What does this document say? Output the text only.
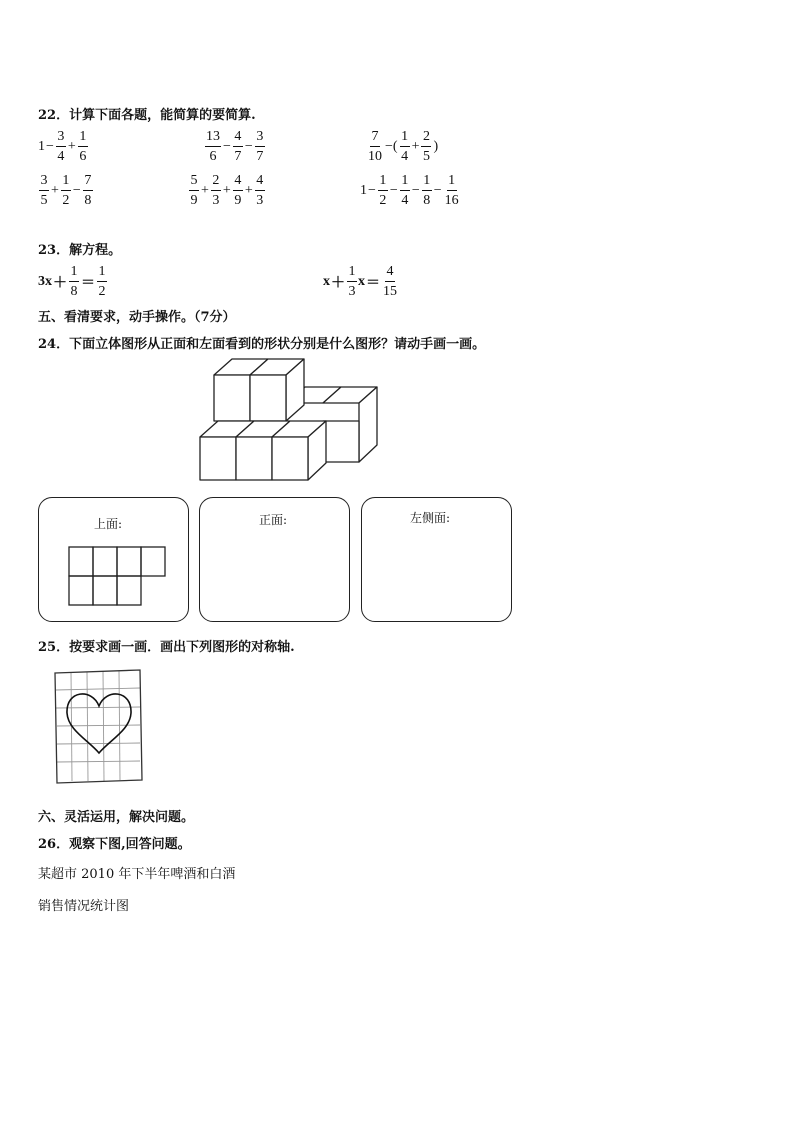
22．计算下面各题，能简算的要简算.
$1 - \frac{3}{4} + \frac{1}{6}$	$\frac{13}{6} - \frac{4}{7} - \frac{3}{7}$	$\frac{7}{10}$ −( $\frac{1}{4} + \frac{2}{5}$ )
$\frac{3}{5} + \frac{1}{2} - \frac{7}{8}$	$\frac{5}{9} + \frac{2}{3} + \frac{4}{9} + \frac{4}{3}$	$1 - \frac{1}{2} - \frac{1}{4} - \frac{1}{8} - \frac{1}{16}$
23．解方程。
$3x + \frac{1}{8} = \frac{1}{2}$	$x + \frac{1}{3}$ $x = \frac{4}{15}$
五、看清要求，动手操作。（7分）
24．下面立体图形从正面和左面看到的形状分别是什么图形？请动手画一画。
上面:	正面:	左侧面:
25．按要求画一画．画出下列图形的对称轴.
六、灵活运用，解决问题。
26．观察下图,回答问题。
某超市 2010 年下半年啤酒和白酒
销售情况统计图
